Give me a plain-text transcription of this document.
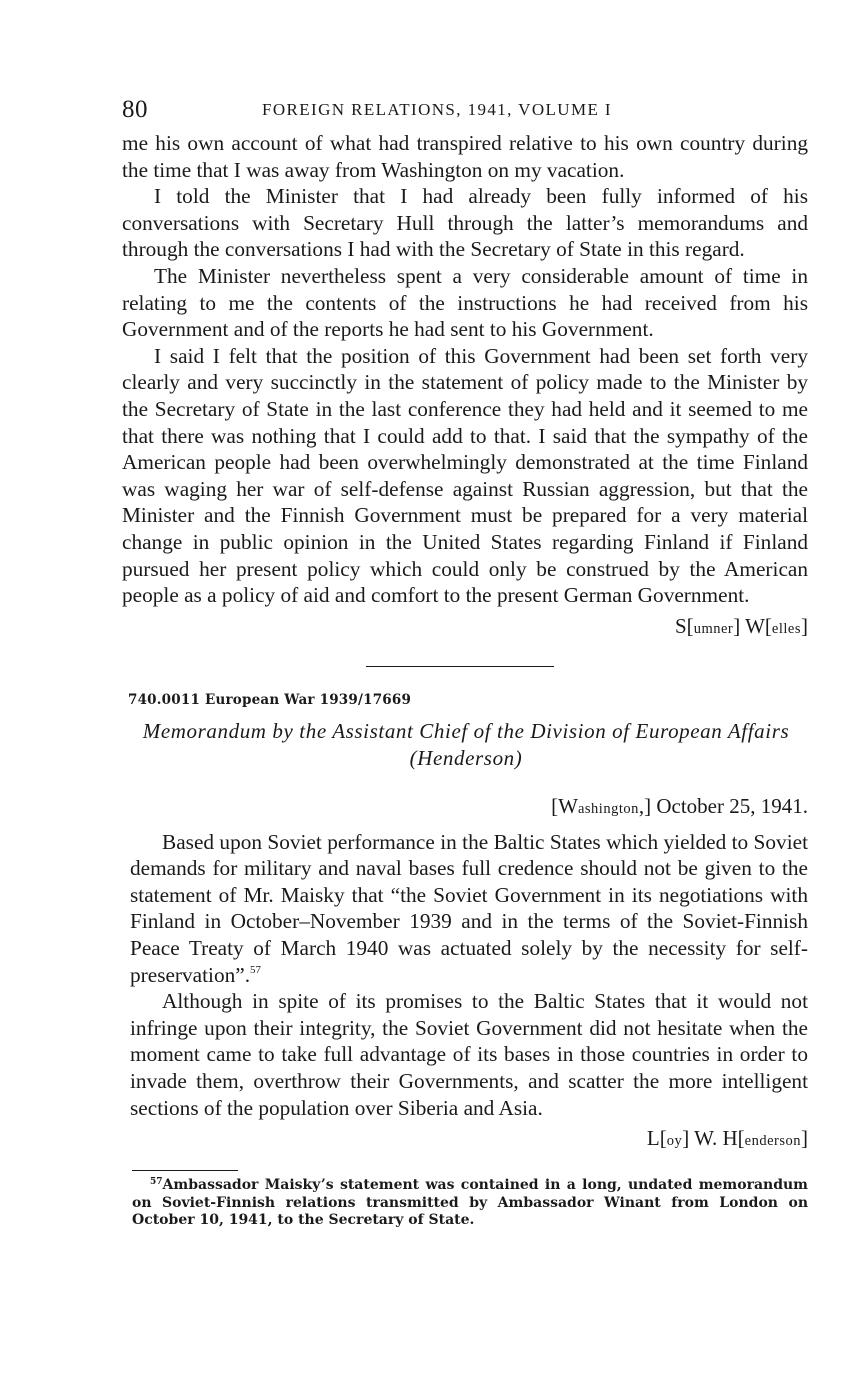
80	FOREIGN RELATIONS, 1941, VOLUME I

me his own account of what had transpired relative to his own country during the time that I was away from Washington on my vacation.

I told the Minister that I had already been fully informed of his conversations with Secretary Hull through the latter’s memorandums and through the conversations I had with the Secretary of State in this regard.

The Minister nevertheless spent a very considerable amount of time in relating to me the contents of the instructions he had received from his Government and of the reports he had sent to his Government.

I said I felt that the position of this Government had been set forth very clearly and very succinctly in the statement of policy made to the Minister by the Secretary of State in the last conference they had held and it seemed to me that there was nothing that I could add to that. I said that the sympathy of the American people had been overwhelmingly demonstrated at the time Finland was waging her war of self-defense against Russian aggression, but that the Minister and the Finnish Government must be prepared for a very material change in public opinion in the United States regarding Finland if Finland pursued her present policy which could only be construed by the American people as a policy of aid and comfort to the present German Government.

S[umner] W[elles]
740.0011 European War 1939/17669
Memorandum by the Assistant Chief of the Division of European Affairs (Henderson)
[Washington,] October 25, 1941.

Based upon Soviet performance in the Baltic States which yielded to Soviet demands for military and naval bases full credence should not be given to the statement of Mr. Maisky that “the Soviet Government in its negotiations with Finland in October–November 1939 and in the terms of the Soviet-Finnish Peace Treaty of March 1940 was actuated solely by the necessity for self-preservation”.$^{57}$

Although in spite of its promises to the Baltic States that it would not infringe upon their integrity, the Soviet Government did not hesitate when the moment came to take full advantage of its bases in those countries in order to invade them, overthrow their Governments, and scatter the more intelligent sections of the population over Siberia and Asia.

L[oy] W. H[enderson]

$^{57}$Ambassador Maisky’s statement was contained in a long, undated memorandum on Soviet-Finnish relations transmitted by Ambassador Winant from London on October 10, 1941, to the Secretary of State.
